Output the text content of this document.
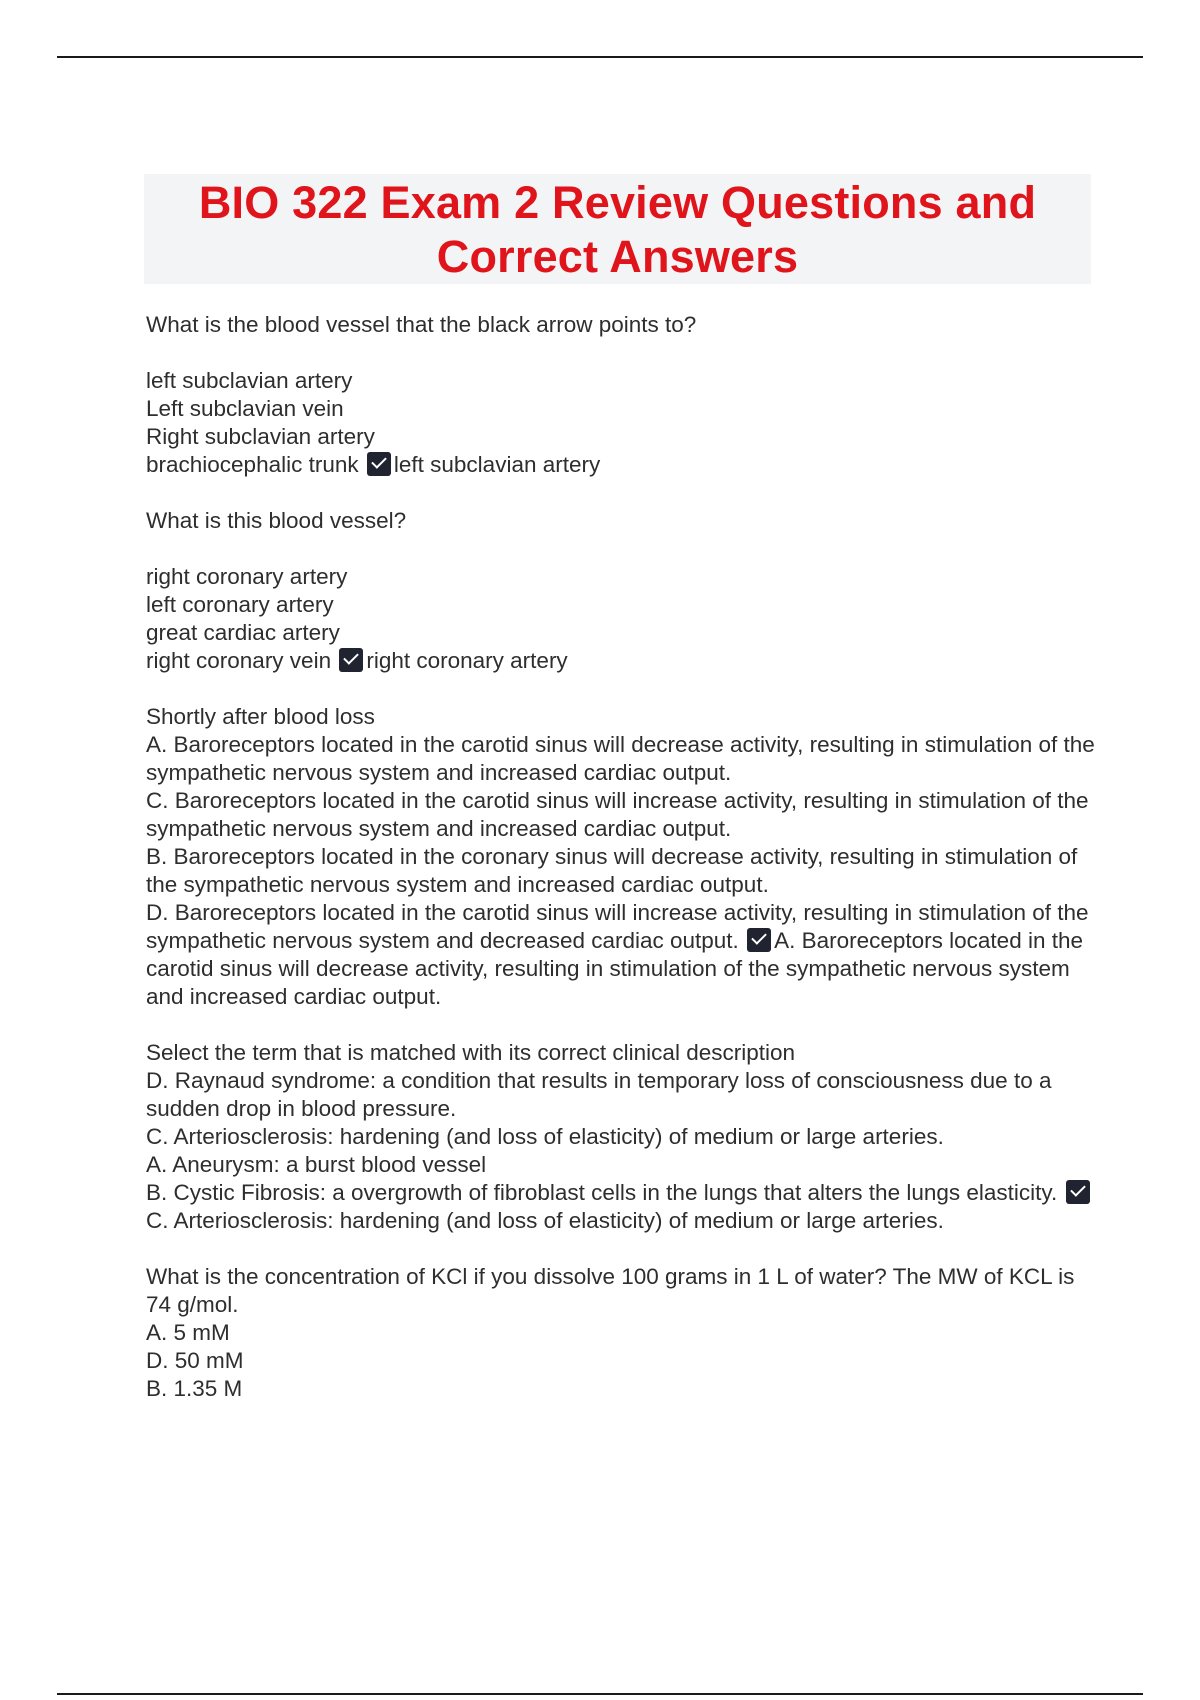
BIO 322 Exam 2 Review Questions and
Correct Answers
What is the blood vessel that the black arrow points to?
left subclavian artery
Left subclavian vein
Right subclavian artery
brachiocephalic trunk left subclavian artery
What is this blood vessel?
right coronary artery
left coronary artery
great cardiac artery
right coronary vein right coronary artery
Shortly after blood loss
A. Baroreceptors located in the carotid sinus will decrease activity, resulting in stimulation of the sympathetic nervous system and increased cardiac output.
C. Baroreceptors located in the carotid sinus will increase activity, resulting in stimulation of the sympathetic nervous system and increased cardiac output.
B. Baroreceptors located in the coronary sinus will decrease activity, resulting in stimulation of the sympathetic nervous system and increased cardiac output.
D. Baroreceptors located in the carotid sinus will increase activity, resulting in stimulation of the sympathetic nervous system and decreased cardiac output. A. Baroreceptors located in the carotid sinus will decrease activity, resulting in stimulation of the sympathetic nervous system and increased cardiac output.
Select the term that is matched with its correct clinical description
D. Raynaud syndrome: a condition that results in temporary loss of consciousness due to a sudden drop in blood pressure.
C. Arteriosclerosis: hardening (and loss of elasticity) of medium or large arteries.
A. Aneurysm: a burst blood vessel
B. Cystic Fibrosis: a overgrowth of fibroblast cells in the lungs that alters the lungs elasticity. C. Arteriosclerosis: hardening (and loss of elasticity) of medium or large arteries.
What is the concentration of KCl if you dissolve 100 grams in 1 L of water? The MW of KCL is 74 g/mol.
A. 5 mM
D. 50 mM
B. 1.35 M
